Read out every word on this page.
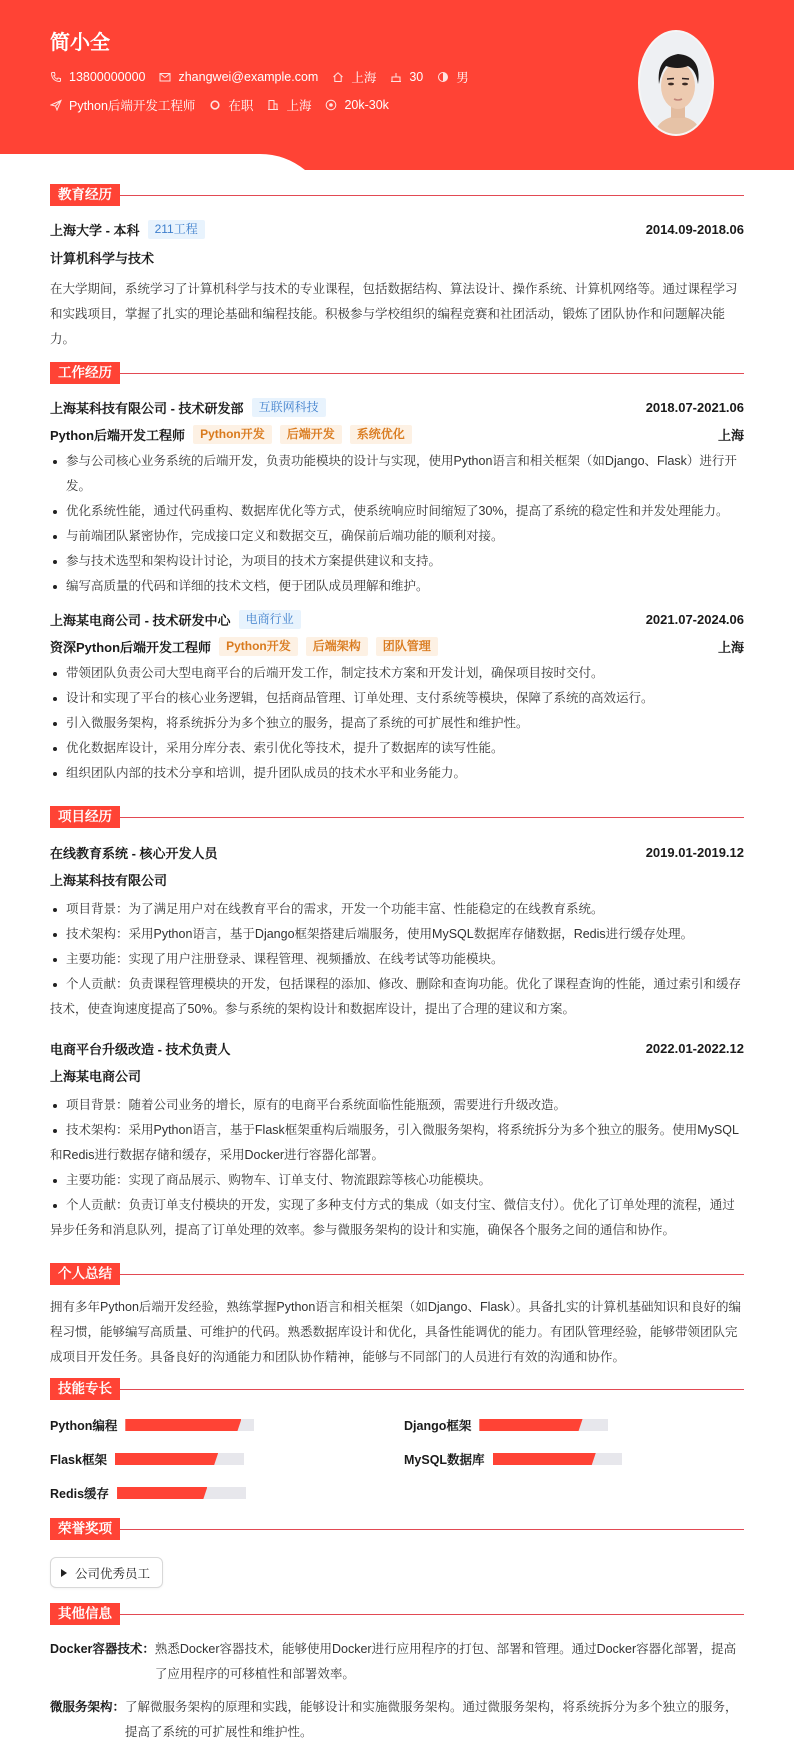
简小全
13800000000	zhangwei@example.com	上海	30	男
Python后端开发工程师	在职	上海	20k-30k
教育经历
上海大学 - 本科	211工程	2014.09-2018.06
计算机科学与技术
在大学期间，系统学习了计算机科学与技术的专业课程，包括数据结构、算法设计、操作系统、计算机网络等。通过课程学习和实践项目，掌握了扎实的理论基础和编程技能。积极参与学校组织的编程竞赛和社团活动，锻炼了团队协作和问题解决能力。
工作经历
上海某科技有限公司 - 技术研发部	互联网科技	2018.07-2021.06
Python后端开发工程师	Python开发	后端开发	系统优化	上海
参与公司核心业务系统的后端开发，负责功能模块的设计与实现，使用Python语言和相关框架（如Django、Flask）进行开发。
优化系统性能，通过代码重构、数据库优化等方式，使系统响应时间缩短了30%，提高了系统的稳定性和并发处理能力。
与前端团队紧密协作，完成接口定义和数据交互，确保前后端功能的顺利对接。
参与技术选型和架构设计讨论，为项目的技术方案提供建议和支持。
编写高质量的代码和详细的技术文档，便于团队成员理解和维护。
上海某电商公司 - 技术研发中心	电商行业	2021.07-2024.06
资深Python后端开发工程师	Python开发	后端架构	团队管理	上海
带领团队负责公司大型电商平台的后端开发工作，制定技术方案和开发计划，确保项目按时交付。
设计和实现了平台的核心业务逻辑，包括商品管理、订单处理、支付系统等模块，保障了系统的高效运行。
引入微服务架构，将系统拆分为多个独立的服务，提高了系统的可扩展性和维护性。
优化数据库设计，采用分库分表、索引优化等技术，提升了数据库的读写性能。
组织团队内部的技术分享和培训，提升团队成员的技术水平和业务能力。
项目经历
在线教育系统 - 核心开发人员	2019.01-2019.12
上海某科技有限公司
项目背景：为了满足用户对在线教育平台的需求，开发一个功能丰富、性能稳定的在线教育系统。
技术架构：采用Python语言，基于Django框架搭建后端服务，使用MySQL数据库存储数据，Redis进行缓存处理。
主要功能：实现了用户注册登录、课程管理、视频播放、在线考试等功能模块。
个人贡献：负责课程管理模块的开发，包括课程的添加、修改、删除和查询功能。优化了课程查询的性能，通过索引和缓存技术，使查询速度提高了50%。参与系统的架构设计和数据库设计，提出了合理的建议和方案。
电商平台升级改造 - 技术负责人	2022.01-2022.12
上海某电商公司
项目背景：随着公司业务的增长，原有的电商平台系统面临性能瓶颈，需要进行升级改造。
技术架构：采用Python语言，基于Flask框架重构后端服务，引入微服务架构，将系统拆分为多个独立的服务。使用MySQL和Redis进行数据存储和缓存，采用Docker进行容器化部署。
主要功能：实现了商品展示、购物车、订单支付、物流跟踪等核心功能模块。
个人贡献：负责订单支付模块的开发，实现了多种支付方式的集成（如支付宝、微信支付）。优化了订单处理的流程，通过异步任务和消息队列，提高了订单处理的效率。参与微服务架构的设计和实施，确保各个服务之间的通信和协作。
个人总结
拥有多年Python后端开发经验，熟练掌握Python语言和相关框架（如Django、Flask）。具备扎实的计算机基础知识和良好的编程习惯，能够编写高质量、可维护的代码。熟悉数据库设计和优化，具备性能调优的能力。有团队管理经验，能够带领团队完成项目开发任务。具备良好的沟通能力和团队协作精神，能够与不同部门的人员进行有效的沟通和协作。
技能专长
Python编程	Django框架
Flask框架	MySQL数据库
Redis缓存
荣誉奖项
公司优秀员工
其他信息
Docker容器技术： 熟悉Docker容器技术，能够使用Docker进行应用程序的打包、部署和管理。通过Docker容器化部署，提高了应用程序的可移植性和部署效率。
微服务架构： 了解微服务架构的原理和实践，能够设计和实施微服务架构。通过微服务架构，将系统拆分为多个独立的服务，提高了系统的可扩展性和维护性。
